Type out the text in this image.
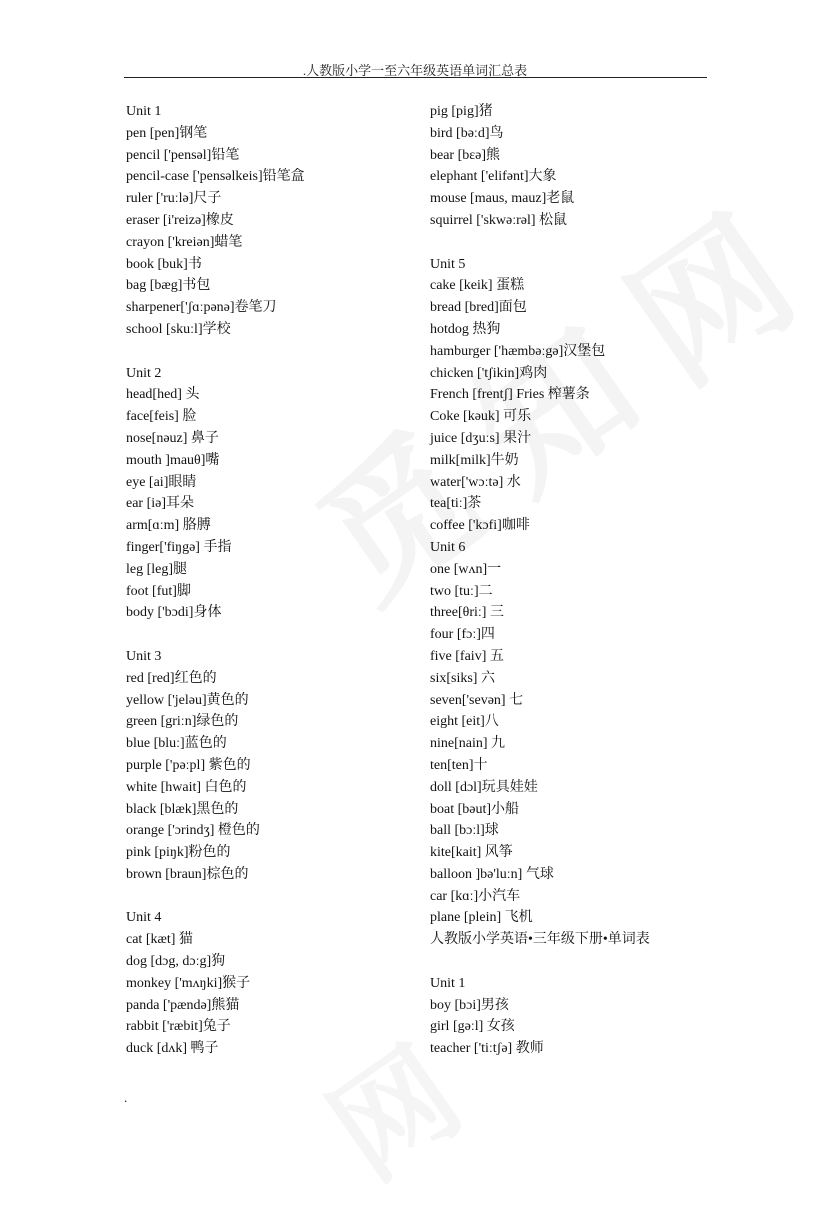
.人教版小学一至六年级英语单词汇总表
Unit 1
pen [pen]钢笔
pencil ['pensəl]铅笔
pencil-case ['pensəlkeis]铅笔盒
ruler ['ruːlə]尺子
eraser [i'reizə]橡皮
crayon ['kreiən]蜡笔
book [buk]书
bag [bæg]书包
sharpener['ʃɑːpənə]卷笔刀
school [skuːl]学校
Unit 2
head[hed] 头
face[feis] 脸
nose[nəuz] 鼻子
mouth ]mauθ]嘴
eye [ai]眼睛
ear [iə]耳朵
arm[ɑːm] 胳膊
finger['fiŋgə] 手指
leg [leg]腿
foot [fut]脚
body ['bɔdi]身体
Unit 3
red [red]红色的
yellow ['jeləu]黄色的
green [griːn]绿色的
blue [bluː]蓝色的
purple ['pəːpl] 紫色的
white [hwait] 白色的
black [blæk]黑色的
orange ['ɔrindʒ] 橙色的
pink [piŋk]粉色的
brown [braun]棕色的
Unit 4
cat [kæt] 猫
dog [dɔg, dɔːg]狗
monkey ['mʌŋki]猴子
panda ['pændə]熊猫
rabbit ['ræbit]兔子
duck [dʌk] 鸭子
pig [pig]猪
bird [bəːd]鸟
bear [bɛə]熊
elephant ['elifənt]大象
mouse [maus, mauz]老鼠
squirrel ['skwəːrəl] 松鼠
Unit 5
cake [keik] 蛋糕
bread [bred]面包
hotdog 热狗
hamburger ['hæmbəːgə]汉堡包
chicken ['tʃikin]鸡肉
French [frentʃ] Fries 榨薯条
Coke [kəuk] 可乐
juice [dʒuːs] 果汁
milk[milk]牛奶
water['wɔːtə] 水
tea[tiː]茶
coffee ['kɔfi]咖啡
Unit 6
one [wʌn]一
two [tuː]二
three[θriː] 三
four [fɔː]四
five [faiv] 五
six[siks] 六
seven['sevən] 七
eight [eit]八
nine[nain] 九
ten[ten]十
doll [dɔl]玩具娃娃
boat [bəut]小船
ball [bɔːl]球
kite[kait] 风筝
balloon ]bə'luːn] 气球
car [kɑː]小汽车
plane [plein] 飞机
人教版小学英语•三年级下册•单词表
Unit 1
boy [bɔi]男孩
girl [gəːl] 女孩
teacher ['tiːtʃə] 教师
.
